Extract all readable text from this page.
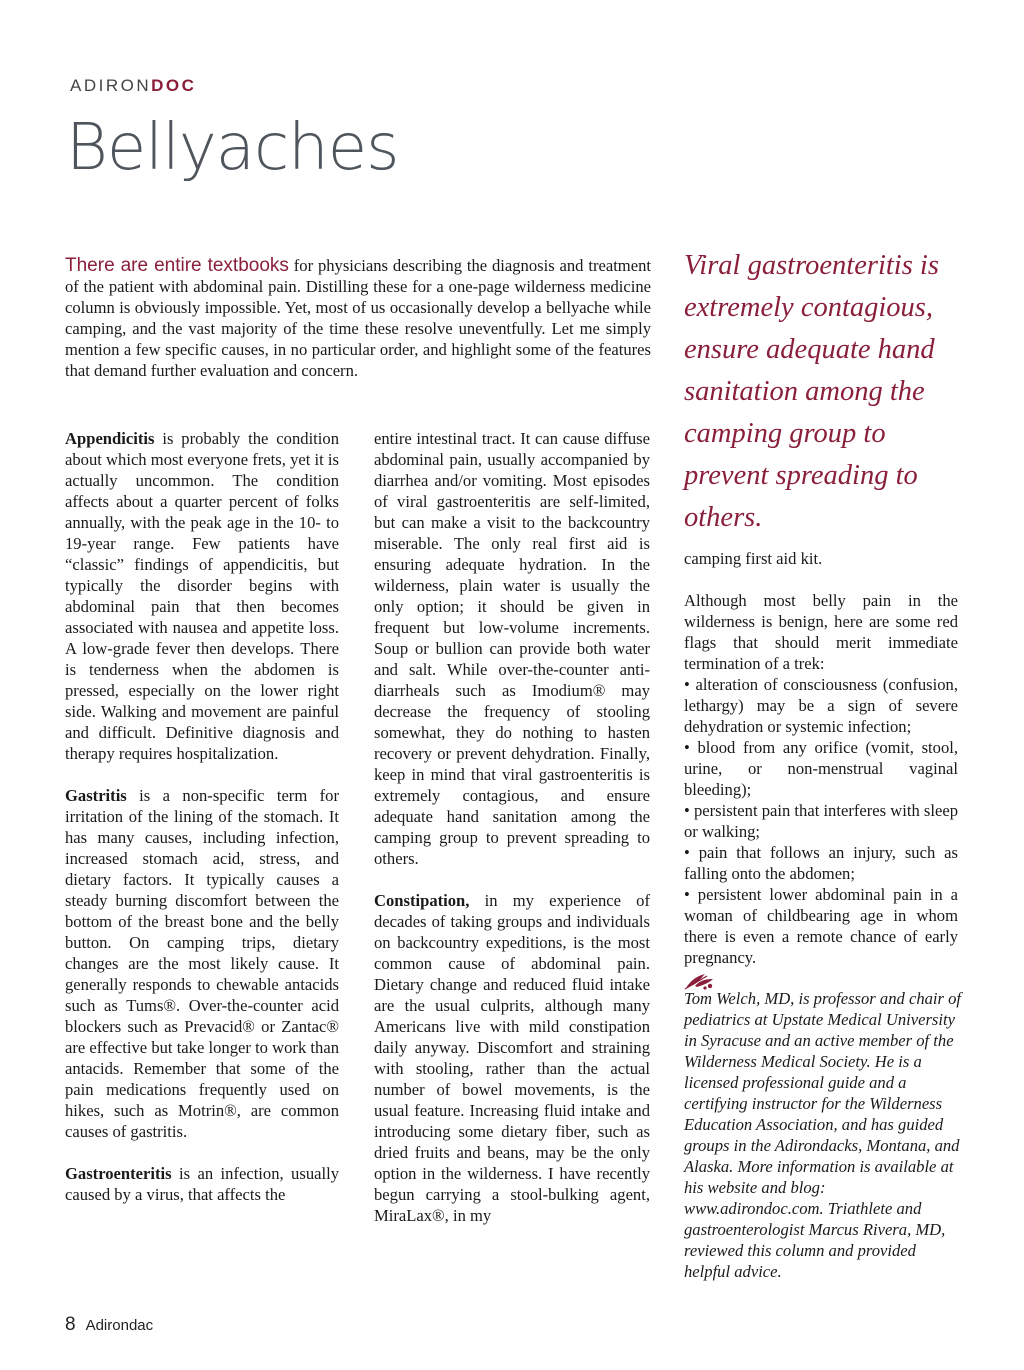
ADIRONDOC
Bellyaches
There are entire textbooks for physicians describing the diagnosis and treatment of the patient with abdominal pain. Distilling these for a one-page wilderness medicine column is obviously impossible. Yet, most of us occasionally develop a bellyache while camping, and the vast majority of the time these resolve uneventfully. Let me simply mention a few specific causes, in no particular order, and highlight some of the features that demand further evaluation and concern.

Appendicitis is probably the condition about which most everyone frets, yet it is actually uncommon. The condition affects about a quarter percent of folks annually, with the peak age in the 10- to 19-year range. Few patients have “classic” findings of appendicitis, but typically the disorder begins with abdominal pain that then becomes associated with nausea and appetite loss. A low-grade fever then develops. There is tenderness when the abdomen is pressed, especially on the lower right side. Walking and movement are painful and difficult. Definitive diagnosis and therapy requires hospitalization.

Gastritis is a non-specific term for irritation of the lining of the stomach. It has many causes, including infection, increased stomach acid, stress, and dietary factors. It typically causes a steady burning discomfort between the bottom of the breast bone and the belly button. On camping trips, dietary changes are the most likely cause. It generally responds to chewable antacids such as Tums®. Over-the-counter acid blockers such as Prevacid® or Zantac® are effective but take longer to work than antacids. Remember that some of the pain medications frequently used on hikes, such as Motrin®, are common causes of gastritis.

Gastroenteritis is an infection, usually caused by a virus, that affects the

entire intestinal tract. It can cause diffuse abdominal pain, usually accompanied by diarrhea and/or vomiting. Most episodes of viral gastroenteritis are self-limited, but can make a visit to the backcountry miserable. The only real first aid is ensuring adequate hydration. In the wilderness, plain water is usually the only option; it should be given in frequent but low-volume increments. Soup or bullion can provide both water and salt. While over-the-counter anti-diarrheals such as Imodium® may decrease the frequency of stooling somewhat, they do nothing to hasten recovery or prevent dehydration. Finally, keep in mind that viral gastroenteritis is extremely contagious, and ensure adequate hand sanitation among the camping group to prevent spreading to others.

Constipation, in my experience of decades of taking groups and individuals on backcountry expeditions, is the most common cause of abdominal pain. Dietary change and reduced fluid intake are the usual culprits, although many Americans live with mild constipation daily anyway. Discomfort and straining with stooling, rather than the actual number of bowel movements, is the usual feature. Increasing fluid intake and introducing some dietary fiber, such as dried fruits and beans, may be the only option in the wilderness. I have recently begun carrying a stool-bulking agent, MiraLax®, in my

Viral gastroenteritis is
extremely contagious,
ensure adequate hand
sanitation among the
camping group to
prevent spreading to
others.

camping first aid kit.

Although most belly pain in the wilderness is benign, here are some red flags that should merit immediate termination of a trek:
• alteration of consciousness (confusion, lethargy) may be a sign of severe dehydration or systemic infection;
• blood from any orifice (vomit, stool, urine, or non-menstrual vaginal bleeding);
• persistent pain that interferes with sleep or walking;
• pain that follows an injury, such as falling onto the abdomen;
• persistent lower abdominal pain in a woman of childbearing age in whom there is even a remote chance of early pregnancy.
Tom Welch, MD, is professor and chair of pediatrics at Upstate Medical University in Syracuse and an active member of the Wilderness Medical Society. He is a licensed professional guide and a certifying instructor for the Wilderness Education Association, and has guided groups in the Adirondacks, Montana, and Alaska. More information is available at his website and blog: www.adirondoc.com. Triathlete and gastroenterologist Marcus Rivera, MD, reviewed this column and provided helpful advice.
8 Adirondac
